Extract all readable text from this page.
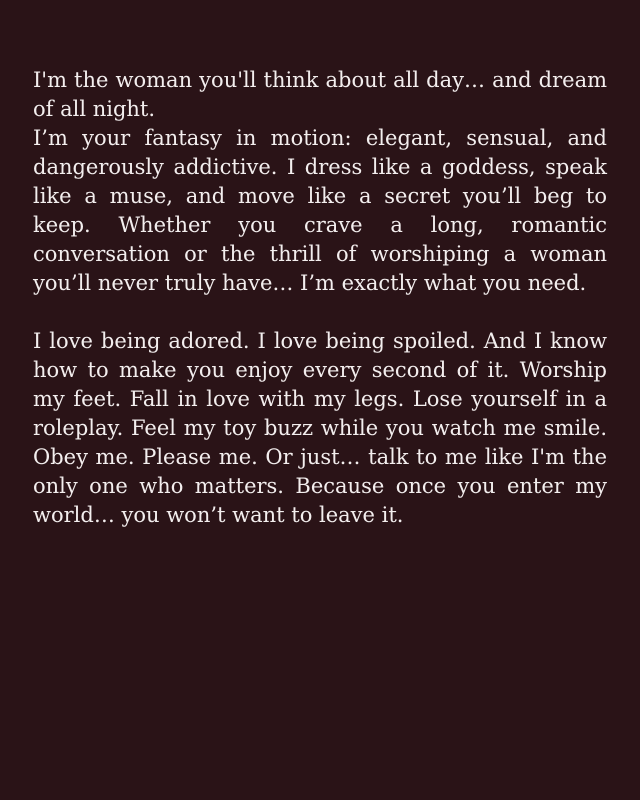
I'm the woman you'll think about all day… and dream of all night.

I’m your fantasy in motion: elegant, sensual, and dangerously addictive. I dress like a goddess, speak like a muse, and move like a secret you’ll beg to keep. Whether you crave a long, romantic conversation or the thrill of worshiping a woman you’ll never truly have… I’m exactly what you need.

I love being adored. I love being spoiled. And I know how to make you enjoy every second of it. Worship my feet. Fall in love with my legs. Lose yourself in a roleplay. Feel my toy buzz while you watch me smile. Obey me. Please me. Or just… talk to me like I'm the only one who matters. Because once you enter my world… you won’t want to leave it.
